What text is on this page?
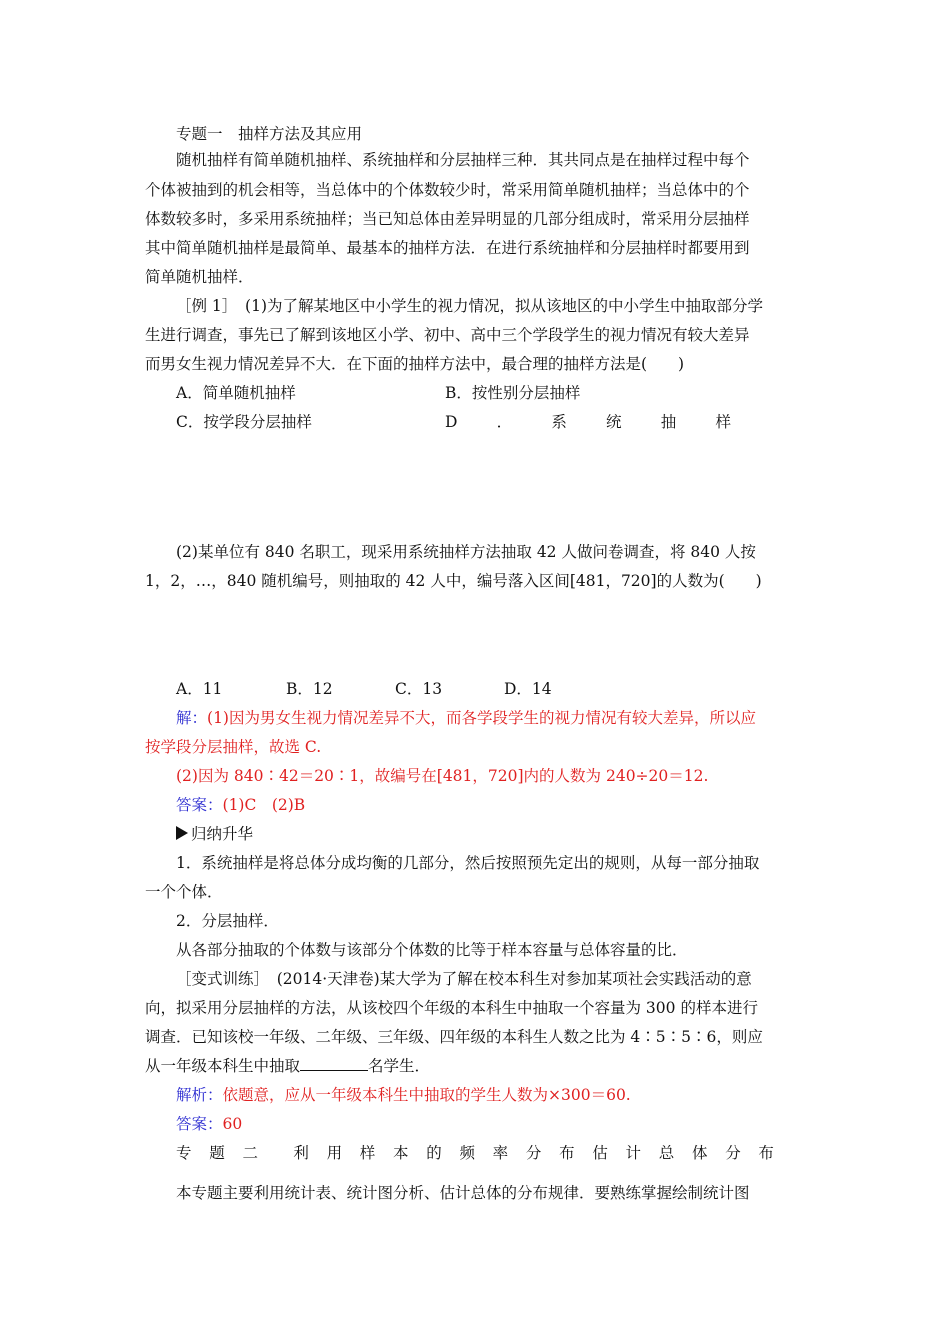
专题一　抽样方法及其应用
随机抽样有简单随机抽样、系统抽样和分层抽样三种．其共同点是在抽样过程中每个
个体被抽到的机会相等，当总体中的个体数较少时，常采用简单随机抽样；当总体中的个
体数较多时，多采用系统抽样；当已知总体由差异明显的几部分组成时，常采用分层抽样
其中简单随机抽样是最简单、最基本的抽样方法．在进行系统抽样和分层抽样时都要用到
简单随机抽样．
［例 1］　(1)为了解某地区中小学生的视力情况，拟从该地区的中小学生中抽取部分学
生进行调查，事先已了解到该地区小学、初中、高中三个学段学生的视力情况有较大差异
而男女生视力情况差异不大．在下面的抽样方法中，最合理的抽样方法是(　　)
A．简单随机抽样	B．按性别分层抽样
C．按学段分层抽样	D	．	系	统	抽	样
(2)某单位有 840 名职工，现采用系统抽样方法抽取 42 人做问卷调查，将 840 人按
1，2，…，840 随机编号，则抽取的 42 人中，编号落入区间[481，720]的人数为(　　)
A．11	B．12	C．13	D．14
解：(1)因为男女生视力情况差异不大，而各学段学生的视力情况有较大差异，所以应
按学段分层抽样，故选 C.
(2)因为 840∶42＝20∶1，故编号在[481，720]内的人数为 240÷20＝12.
答案：(1)C　(2)B
归纳升华
1．系统抽样是将总体分成均衡的几部分，然后按照预先定出的规则，从每一部分抽取
一个个体．
2．分层抽样．
从各部分抽取的个体数与该部分个体数的比等于样本容量与总体容量的比．
［变式训练］　(2014·天津卷)某大学为了解在校本科生对参加某项社会实践活动的意
向，拟采用分层抽样的方法，从该校四个年级的本科生中抽取一个容量为 300 的样本进行
调查．已知该校一年级、二年级、三年级、四年级的本科生人数之比为 4∶5∶5∶6，则应
从一年级本科生中抽取	名学生．
解析：依题意，应从一年级本科生中抽取的学生人数为×300＝60.
答案：60
专 题 二 利 用 样 本 的 频 率 分 布 估 计 总 体 分 布
本专题主要利用统计表、统计图分析、估计总体的分布规律．要熟练掌握绘制统计图
